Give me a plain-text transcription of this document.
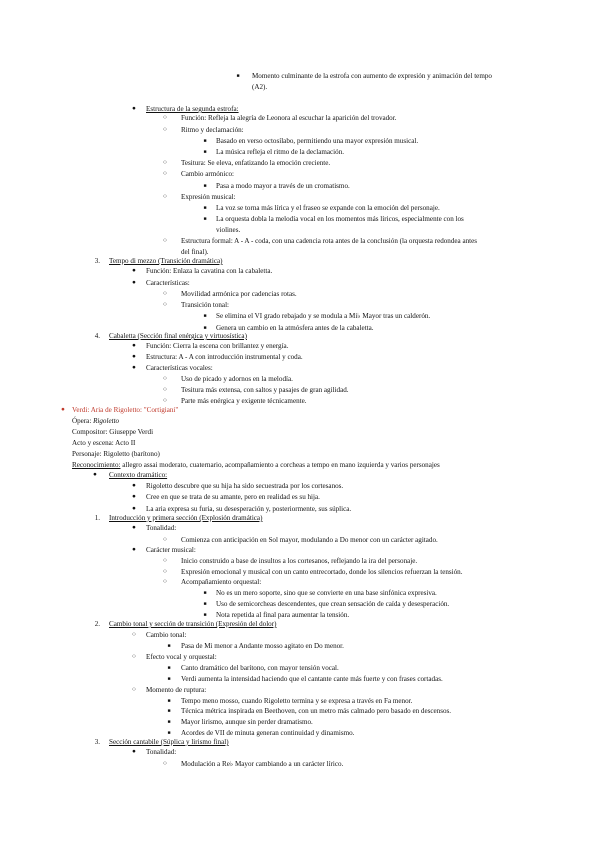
■	Momento culminante de la estrofa con aumento de expresión y animación del tempo
(A2).
●	Estructura de la segunda estrofa:
○	Función: Refleja la alegría de Leonora al escuchar la aparición del trovador.
○	Ritmo y declamación:
■	Basado en verso octosílabo, permitiendo una mayor expresión musical.
■	La música refleja el ritmo de la declamación.
○	Tesitura: Se eleva, enfatizando la emoción creciente.
○	Cambio armónico:
■	Pasa a modo mayor a través de un cromatismo.
○	Expresión musical:
■	La voz se torna más lírica y el fraseo se expande con la emoción del personaje.
■	La orquesta dobla la melodía vocal en los momentos más líricos, especialmente con los
violines.
○	Estructura formal: A - A - coda, con una cadencia rota antes de la conclusión (la orquesta redondea antes
del final).
3. Tempo di mezzo (Transición dramática)
●	Función: Enlaza la cavatina con la cabaletta.
●	Características:
○	Movilidad armónica por cadencias rotas.
○	Transición tonal:
■	Se elimina el VI grado rebajado y se modula a Mi♭ Mayor tras un calderón.
■	Genera un cambio en la atmósfera antes de la cabaletta.
4. Cabaletta (Sección final enérgica y virtuosística)
●	Función: Cierra la escena con brillantez y energía.
●	Estructura: A - A con introducción instrumental y coda.
●	Características vocales:
○	Uso de picado y adornos en la melodía.
○	Tesitura más extensa, con saltos y pasajes de gran agilidad.
○	Parte más enérgica y exigente técnicamente.
● Verdi: Aria de Rigoletto: "Cortigiani"
Ópera: Rigoletto
Compositor: Giuseppe Verdi
Acto y escena: Acto II
Personaje: Rigoletto (barítono)
Reconocimiento: allegro assai moderato, cuaternario, acompañamiento a corcheas a tempo en mano izquierda y varios personajes
●	Contexto dramático:
●	Rigoletto descubre que su hija ha sido secuestrada por los cortesanos.
●	Cree en que se trata de su amante, pero en realidad es su hija.
●	La aria expresa su furia, su desesperación y, posteriormente, sus súplica.
1. Introducción y primera sección (Explosión dramática)
●	Tonalidad:
○	Comienza con anticipación en Sol mayor, modulando a Do menor con un carácter agitado.
●	Carácter musical:
○	Inicio construido a base de insultos a los cortesanos, reflejando la ira del personaje.
○	Expresión emocional y musical con un canto entrecortado, donde los silencios refuerzan la tensión.
○	Acompañamiento orquestal:
■	No es un mero soporte, sino que se convierte en una base sinfónica expresiva.
■	Uso de semicorcheas descendentes, que crean sensación de caída y desesperación.
■	Nota repetida al final para aumentar la tensión.
2. Cambio tonal y sección de transición (Expresión del dolor)
○	Cambio tonal:
■	Pasa de Mi menor a Andante mosso agitato en Do menor.
○	Efecto vocal y orquestal:
■	Canto dramático del barítono, con mayor tensión vocal.
■	Verdi aumenta la intensidad haciendo que el cantante cante más fuerte y con frases cortadas.
○	Momento de ruptura:
■	Tempo meno mosso, cuando Rigoletto termina y se expresa a través en Fa menor.
■	Técnica métrica inspirada en Beethoven, con un metro más calmado pero basado en descensos.
■	Mayor lirismo, aunque sin perder dramatismo.
■	Acordes de VII de minuta generan continuidad y dinamismo.
3. Sección cantabile (Súplica y lirismo final)
●	Tonalidad:
○	Modulación a Re♭ Mayor cambiando a un carácter lírico.
